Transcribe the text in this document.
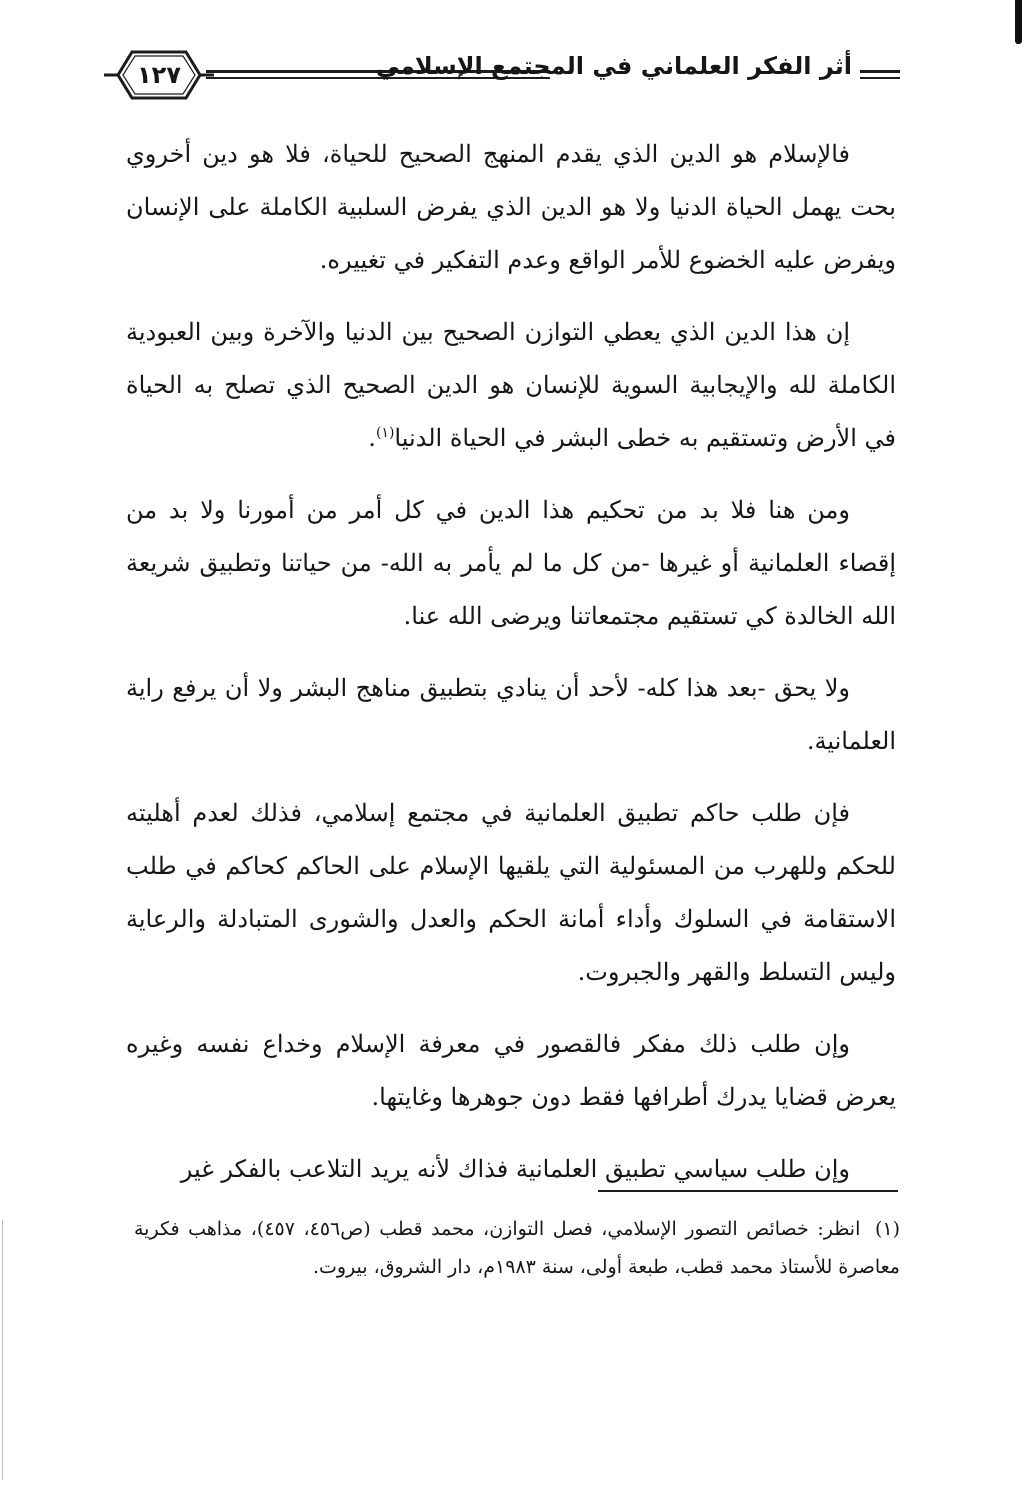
١٢٧	أثر الفكر العلماني في المجتمع الإسلامي

فالإسلام هو الدين الذي يقدم المنهج الصحيح للحياة، فلا هو دين أخروي بحت يهمل الحياة الدنيا ولا هو الدين الذي يفرض السلبية الكاملة على الإنسان ويفرض عليه الخضوع للأمر الواقع وعدم التفكير في تغييره.

إن هذا الدين الذي يعطي التوازن الصحيح بين الدنيا والآخرة وبين العبودية الكاملة لله والإيجابية السوية للإنسان هو الدين الصحيح الذي تصلح به الحياة في الأرض وتستقيم به خطى البشر في الحياة الدنيا$^{(١)}$.

ومن هنا فلا بد من تحكيم هذا الدين في كل أمر من أمورنا ولا بد من إقصاء العلمانية أو غيرها -من كل ما لم يأمر به الله- من حياتنا وتطبيق شريعة الله الخالدة كي تستقيم مجتمعاتنا ويرضى الله عنا.

ولا يحق -بعد هذا كله- لأحد أن ينادي بتطبيق مناهج البشر ولا أن يرفع راية العلمانية.

فإن طلب حاكم تطبيق العلمانية في مجتمع إسلامي، فذلك لعدم أهليته للحكم وللهرب من المسئولية التي يلقيها الإسلام على الحاكم كحاكم في طلب الاستقامة في السلوك وأداء أمانة الحكم والعدل والشورى المتبادلة والرعاية وليس التسلط والقهر والجبروت.

وإن طلب ذلك مفكر فالقصور في معرفة الإسلام وخداع نفسه وغيره يعرض قضايا يدرك أطرافها فقط دون جوهرها وغايتها.

وإن طلب سياسي تطبيق العلمانية فذاك لأنه يريد التلاعب بالفكر غير

(١) انظر: خصائص التصور الإسلامي، فصل التوازن، محمد قطب (ص٤٥٦، ٤٥٧)، مذاهب فكرية معاصرة للأستاذ محمد قطب، طبعة أولى، سنة ١٩٨٣م، دار الشروق، بيروت.
